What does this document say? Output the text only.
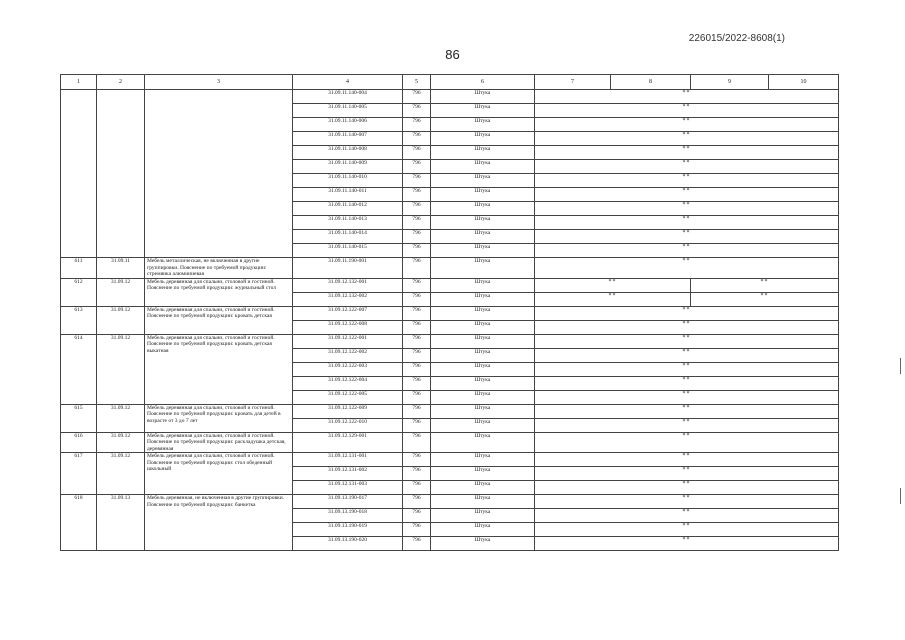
226015/2022-8608(1)
86
1	2	3	4	5	6	7	8	9	10
			31.09.11.140-004	796	Штука	**			
			31.09.11.140-005	796	Штука	**			
			31.09.11.140-006	796	Штука	**			
			31.09.11.140-007	796	Штука	**			
			31.09.11.140-008	796	Штука	**			
			31.09.11.140-009	796	Штука	**			
			31.09.11.140-010	796	Штука	**			
			31.09.11.140-011	796	Штука	**			
			31.09.11.140-012	796	Штука	**			
			31.09.11.140-013	796	Штука	**			
			31.09.11.140-014	796	Штука	**			
			31.09.11.140-015	796	Штука	**			
611	31.09.11	Мебель металлическая, не включенная в другие группировки. Пояснение по требуемой продукции: стремянка алюминиевая	31.09.11.190-001	796	Штука	**			
612	31.09.12	Мебель деревянная для спальни, столовой и гостиной. Пояснение по требуемой продукции: журнальный стол	31.09.12.132-001	796	Штука	**		**	
			31.09.12.132-002	796	Штука	**		**	
613	31.09.12	Мебель деревянная для спальни, столовой и гостиной. Пояснение по требуемой продукции: кровать детская	31.09.12.122-007	796	Штука	**			
			31.09.12.122-008	796	Штука	**			
614	31.09.12	Мебель деревянная для спальни, столовой и гостиной. Пояснение по требуемой продукции: кровать детская выкатная	31.09.12.122-001	796	Штука	**			
			31.09.12.122-002	796	Штука	**			
			31.09.12.122-003	796	Штука	**			
			31.09.12.122-004	796	Штука	**			
			31.09.12.122-005	796	Штука	**			
615	31.09.12	Мебель деревянная для спальни, столовой и гостиной. Пояснение по требуемой продукции: кровать для детей в возрасте от 3 до 7 лет	31.09.12.122-009	796	Штука	**			
			31.09.12.122-010	796	Штука	**			
616	31.09.12	Мебель деревянная для спальни, столовой и гостиной. Пояснение по требуемой продукции: раскладушка детская, деревянная	31.09.12.129-001	796	Штука	**			
617	31.09.12	Мебель деревянная для спальни, столовой и гостиной. Пояснение по требуемой продукции: стол обеденный школьный	31.09.12.131-001	796	Штука	**			
			31.09.12.131-002	796	Штука	**			
			31.09.12.131-003	796	Штука	**			
618	31.09.13	Мебель деревянная, не включенная в другие группировки. Пояснение по требуемой продукции: банкетка	31.09.13.190-017	796	Штука	**			
			31.09.13.190-018	796	Штука	**			
			31.09.13.190-019	796	Штука	**			
			31.09.13.190-020	796	Штука	**			
